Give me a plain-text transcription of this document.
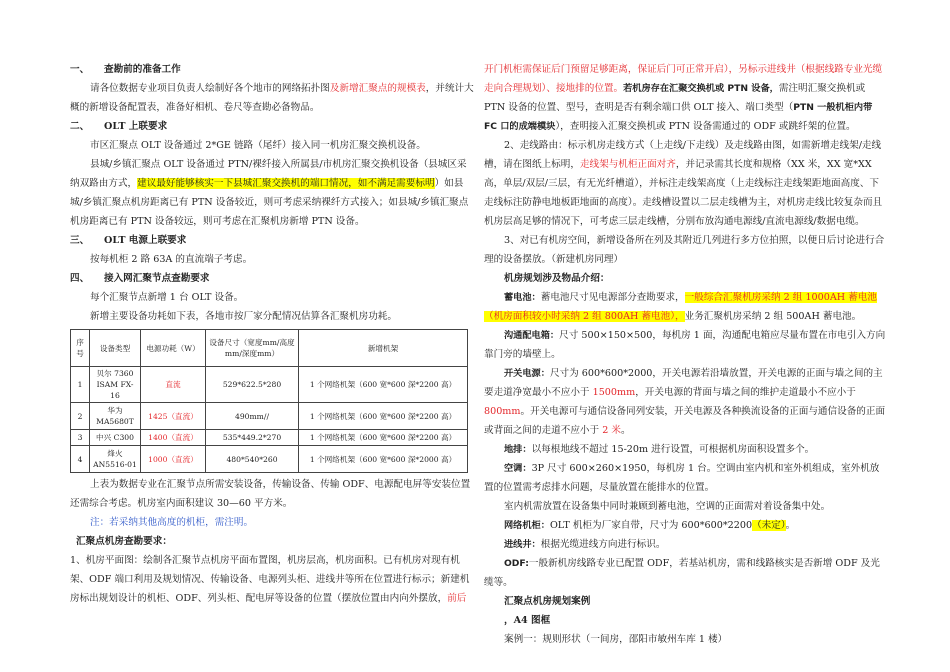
一、 查勘前的准备工作

请各位数据专业项目负责人绘制好各个地市的网络拓扑图及新增汇聚点的规模表，并统计大概的新增设备配置表，准备好相机、卷尺等查勘必备物品。

二、 OLT 上联要求

市区汇聚点 OLT 设备通过 2*GE 链路（尾纤）接入同一机房汇聚交换机设备。

县城/乡镇汇聚点 OLT 设备通过 PTN/裸纤接入所属县/市机房汇聚交换机设备（县城区采纳双路由方式，建议最好能够核实一下县城汇聚交换机的端口情况，如不满足需要标明）如县城/乡镇汇聚点机房距离已有 PTN 设备较近，则可考虑采纳裸纤方式接入；如县城/乡镇汇聚点机房距离已有 PTN 设备较远，则可考虑在汇聚机房新增 PTN 设备。

三、 OLT 电源上联要求

按每机柜 2 路 63A 的直流端子考虑。

四、 接入网汇聚节点查勘要求

每个汇聚节点新增 1 台 OLT 设备。

新增主要设备功耗如下表，各地市按厂家分配情况估算各汇聚机房功耗。

序号	设备类型	电源功耗（W）	设备尺寸（宽度mm/高度mm/深度mm）	新增机架
1	贝尔 7360 ISAM FX-16	直流	529*622.5*280	1 个网络机架（600 宽*600 深*2200 高）
2	华为 MA5680T	1425（直流）	490mm//	1 个网络机架（600 宽*600 深*2200 高）
3	中兴 C300	1400（直流）	535*449.2*270	1 个网络机架（600 宽*600 深*2200 高）
4	烽火 AN5516-01	1000（直流）	480*540*260	1 个网络机架（600 宽*600 深*2000 高）

上表为数据专业在汇聚节点所需安装设备，传输设备、传输 ODF、电源配电屏等安装位置还需综合考虑。机房室内面积建议 30—60 平方米。

注：若采纳其他高度的机柜，需注明。

汇聚点机房查勘要求：

1、机房平面图：绘制各汇聚节点机房平面布置图，机房层高，机房面积。已有机房对现有机架、ODF 端口利用及规划情况、传输设备、电源列头柜、进线井等所在位置进行标示；新建机房标出规划设计的机柜、ODF、列头柜、配电屏等设备的位置（摆放位置由内向外摆放，前后

开门机柜需保证后门预留足够距离，保证后门可正常开启），另标示进线井（根据线路专业光缆走向合理规划）、接地排的位置。若机房存在汇聚交换机或 PTN 设备，需注明汇聚交换机或 PTN 设备的位置、型号，查明是否有剩余端口供 OLT 接入、端口类型（PTN 一般机柜内带 FC 口的成端模块），查明接入汇聚交换机或 PTN 设备需通过的 ODF 或跳纤架的位置。

2、走线路由：标示机房走线方式（上走线/下走线）及走线路由图，如需新增走线架/走线槽，请在图纸上标明，走线架与机柜正面对齐，并记录需其长度和规格（XX 米，XX 宽*XX 高，单层/双层/三层，有无光纤槽道），并标注走线架高度（上走线标注走线架距地面高度、下走线标注防静电地板距地面的高度）。走线槽设置以二层走线槽为主，对机房走线比较复杂而且机房层高足够的情况下，可考虑三层走线槽，分别布放沟通电源线/直流电源线/数据电缆。

3、对已有机房空间，新增设备所在列及其附近几列进行多方位拍照，以便日后讨论进行合理的设备摆放。（新建机房同理）

机房规划涉及物品介绍：

蓄电池：蓄电池尺寸见电源部分查勘要求，一般综合汇聚机房采纳 2 组 1000AH 蓄电池（机房面积较小时采纳 2 组 800AH 蓄电池），业务汇聚机房采纳 2 组 500AH 蓄电池。

沟通配电箱：尺寸 500×150×500，每机房 1 面，沟通配电箱应尽量布置在市电引入方向靠门旁的墙壁上。

开关电源：尺寸为 600*600*2000，开关电源若沿墙放置，开关电源的正面与墙之间的主要走道净宽最小不应小于 1500mm，开关电源的背面与墙之间的维护走道最小不应小于 800mm。开关电源可与通信设备同列安装，开关电源及各种换流设备的正面与通信设备的正面或背面之间的走道不应小于 2 米。

地排：以每根地线不超过 15-20m 进行设置，可根据机房面积设置多个。

空调：3P 尺寸 600×260×1950，每机房 1 台。空调由室内机和室外机组成，室外机放置的位置需考虑排水问题，尽量放置在能排水的位置。

室内机需放置在设备集中同时兼顾到蓄电池，空调的正面需对着设备集中处。

网络机柜：OLT 机柜为厂家自带，尺寸为 600*600*2200（未定）。

进线井：根据光缆进线方向进行标识。

ODF:一般新机房线路专业已配置 ODF，若基站机房，需和线路核实是否新增 ODF 及光缆等。

汇聚点机房规划案例

，A4 图框

案例一：规则形状（一间房，邵阳市敏州车库 1 楼）
